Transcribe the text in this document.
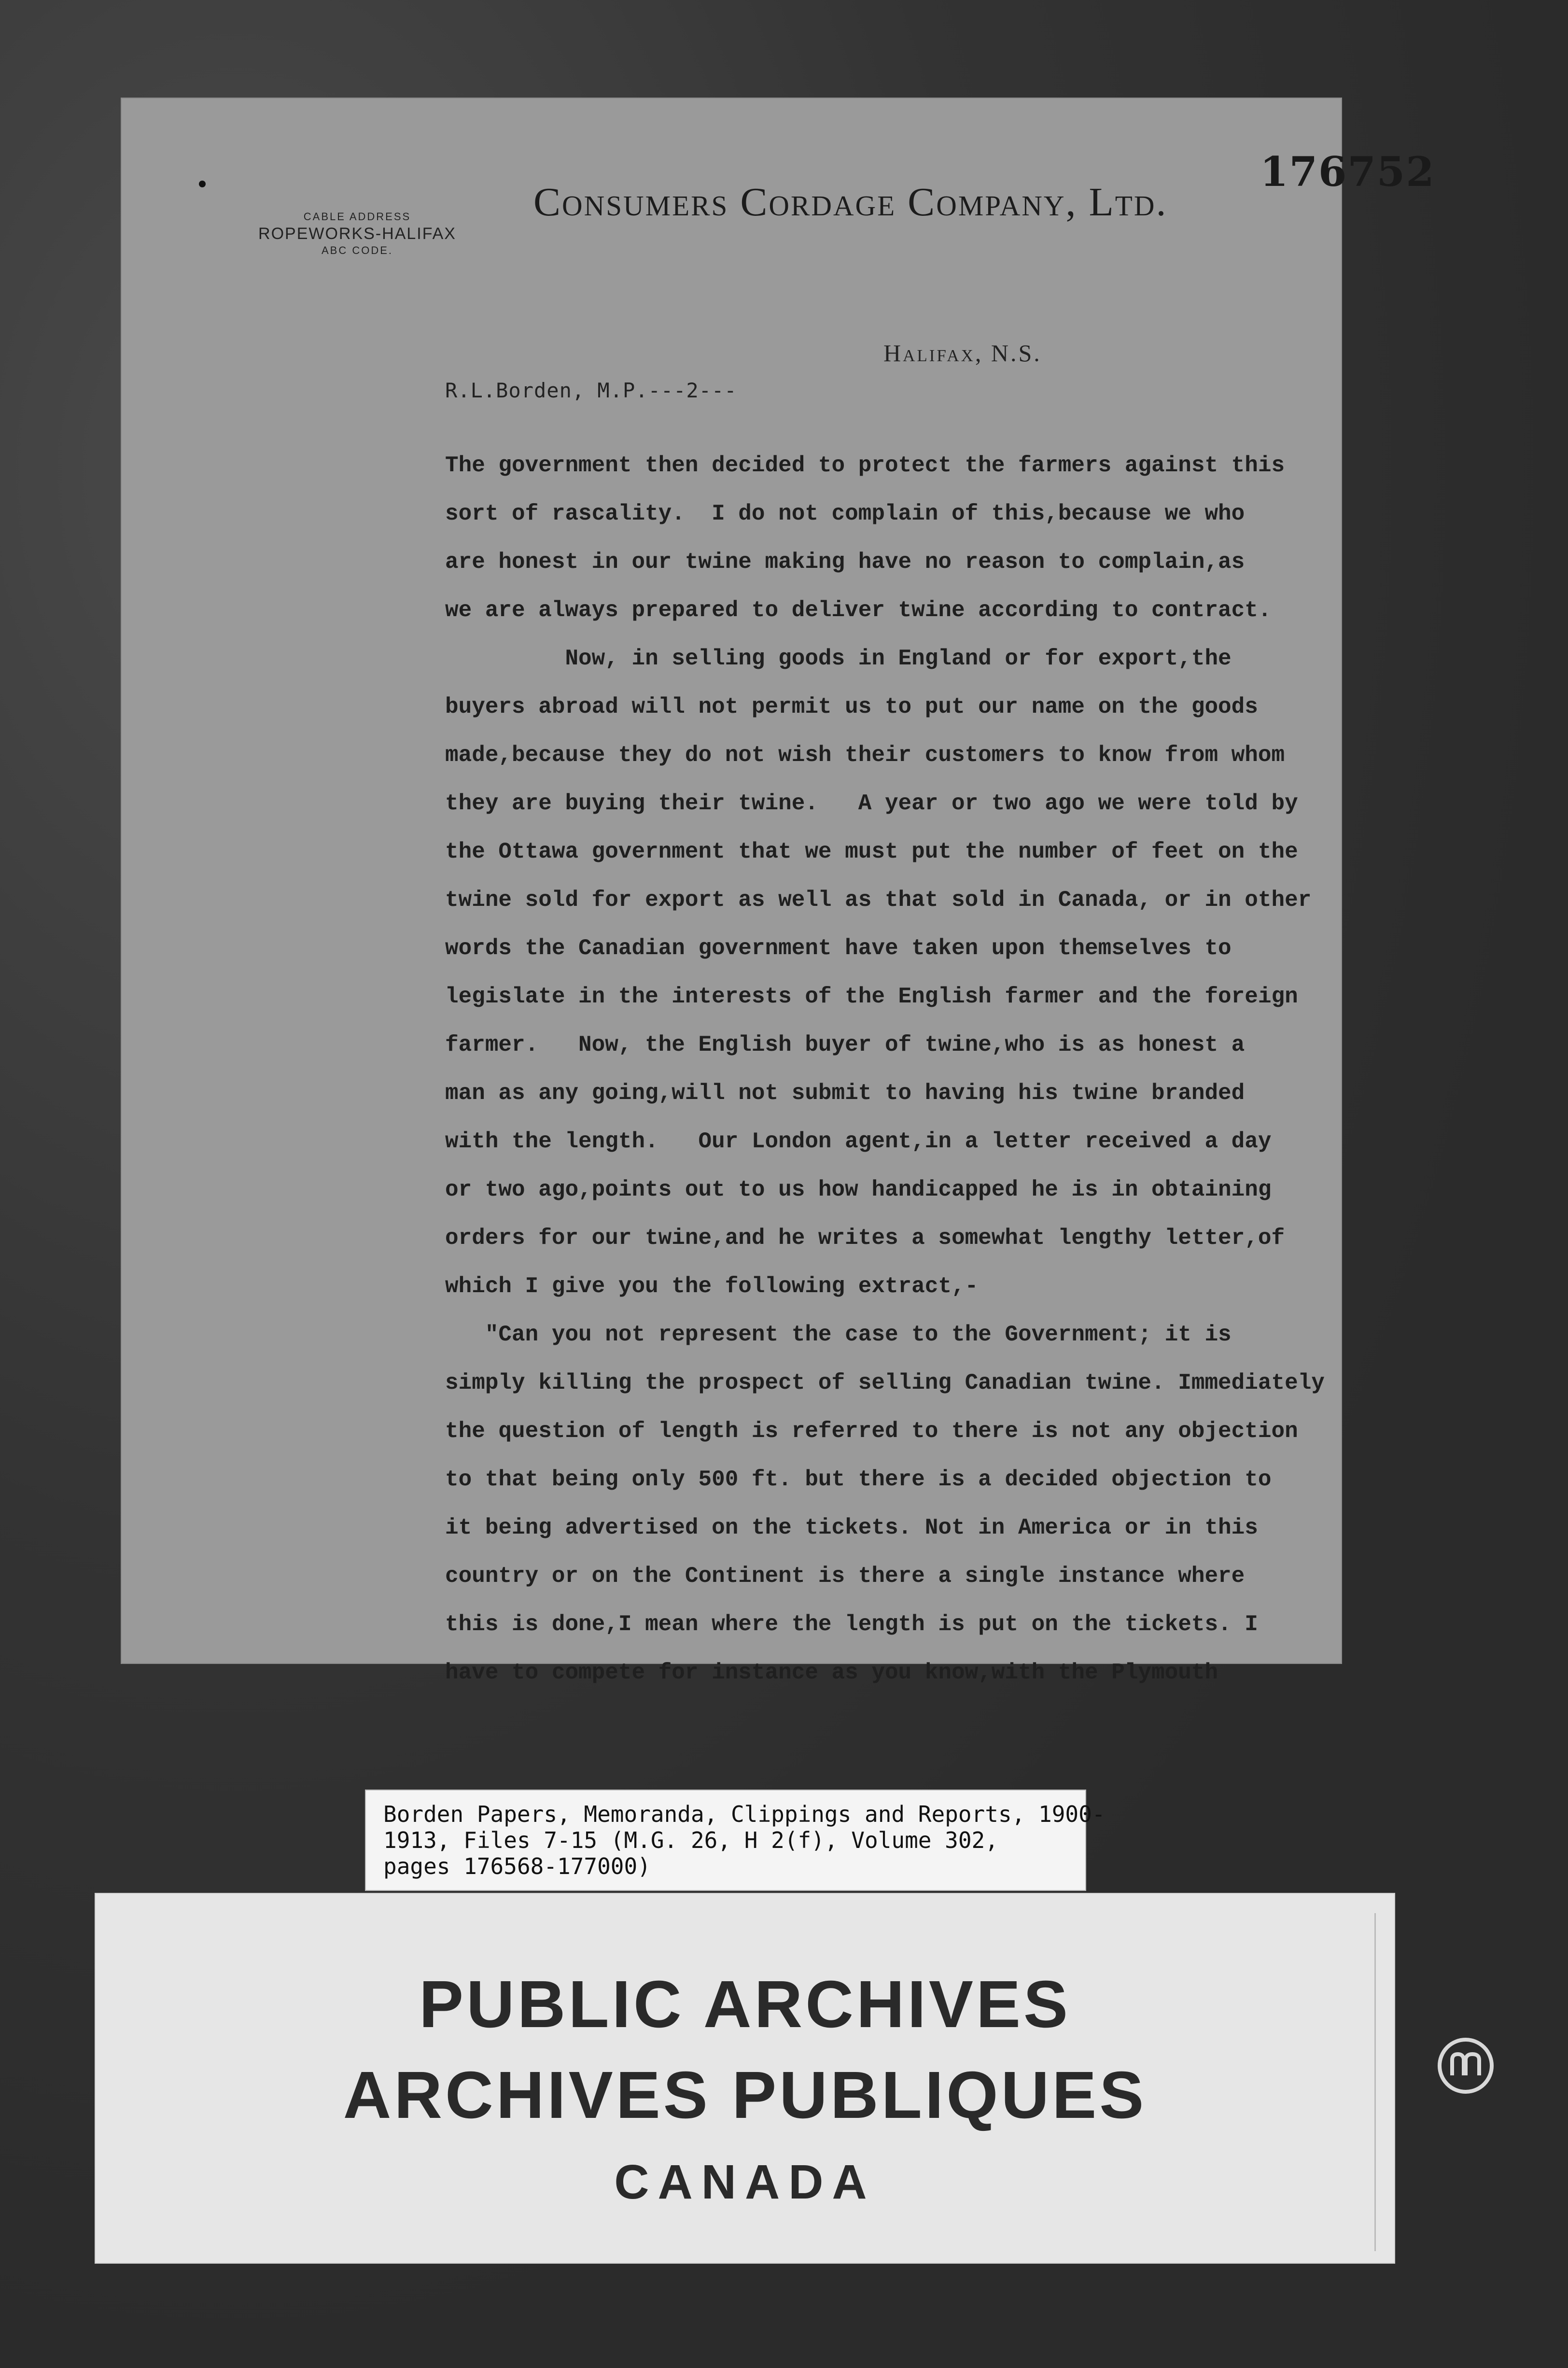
176752
CABLE ADDRESS
ROPEWORKS-HALIFAX
ABC CODE.
Consumers Cordage Company, Ltd.
Halifax, N.S.
R.L.Borden, M.P.---2---
The government then decided to protect the farmers against this
sort of rascality.  I do not complain of this,because we who
are honest in our twine making have no reason to complain,as
we are always prepared to deliver twine according to contract.
Now, in selling goods in England or for export,the
buyers abroad will not permit us to put our name on the goods
made,because they do not wish their customers to know from whom
they are buying their twine.   A year or two ago we were told by
the Ottawa government that we must put the number of feet on the
twine sold for export as well as that sold in Canada, or in other
words the Canadian government have taken upon themselves to
legislate in the interests of the English farmer and the foreign
farmer.   Now, the English buyer of twine,who is as honest a
man as any going,will not submit to having his twine branded
with the length.   Our London agent,in a letter received a day
or two ago,points out to us how handicapped he is in obtaining
orders for our twine,and he writes a somewhat lengthy letter,of
which I give you the following extract,-
"Can you not represent the case to the Government; it is
simply killing the prospect of selling Canadian twine. Immediately
the question of length is referred to there is not any objection
to that being only 500 ft. but there is a decided objection to
it being advertised on the tickets. Not in America or in this
country or on the Continent is there a single instance where
this is done,I mean where the length is put on the tickets. I
have to compete for instance as you know,with the Plymouth
Borden Papers, Memoranda, Clippings and Reports, 1900-
1913, Files 7-15 (M.G. 26, H 2(f), Volume 302,
pages 176568-177000)
PUBLIC ARCHIVES
ARCHIVES PUBLIQUES
CANADA
